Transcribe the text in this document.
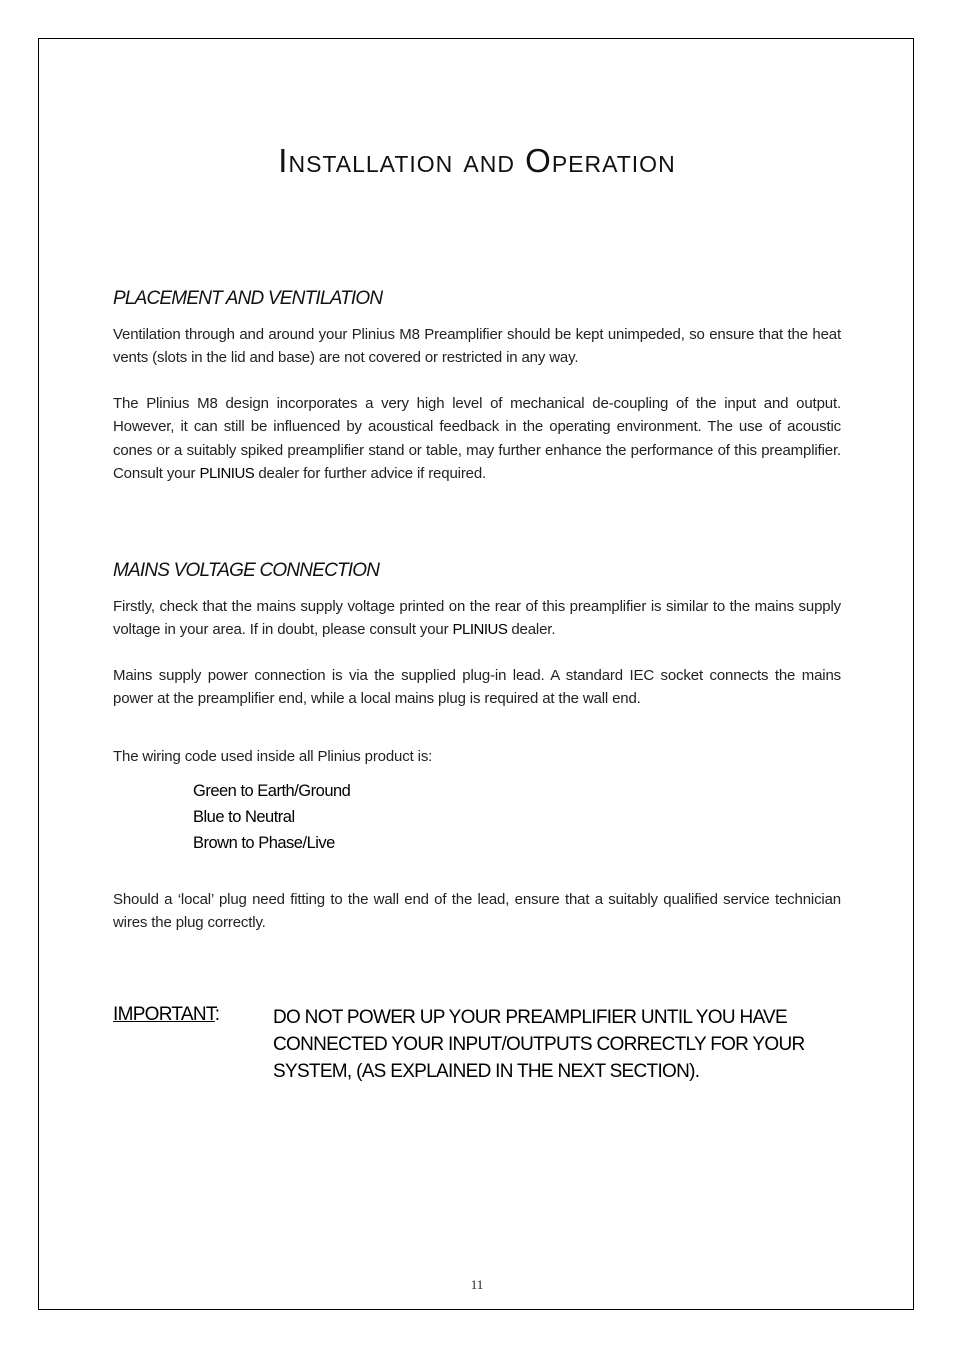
Installation and Operation
PLACEMENT AND VENTILATION

Ventilation through and around your Plinius M8 Preamplifier should be kept unimpeded, so ensure that the heat vents (slots in the lid and base) are not covered or restricted in any way.

The Plinius M8 design incorporates a very high level of mechanical de-coupling of the input and output. However, it can still be influenced by acoustical feedback in the operating environment. The use of acoustic cones or a suitably spiked preamplifier stand or table, may further enhance the performance of this preamplifier. Consult your PLINIUS dealer for further advice if required.

MAINS VOLTAGE CONNECTION

Firstly, check that the mains supply voltage printed on the rear of this preamplifier is similar to the mains supply voltage in your area. If in doubt, please consult your PLINIUS dealer.

Mains supply power connection is via the supplied plug-in lead. A standard IEC socket connects the mains power at the preamplifier end, while a local mains plug is required at the wall end.

The wiring code used inside all Plinius product is:

Green to Earth/Ground
Blue to Neutral
Brown to Phase/Live

Should a ‘local’ plug need fitting to the wall end of the lead, ensure that a suitably qualified service technician wires the plug correctly.

IMPORTANT:	DO NOT POWER UP YOUR PREAMPLIFIER UNTIL YOU HAVE
CONNECTED YOUR INPUT/OUTPUTS CORRECTLY FOR YOUR
SYSTEM, (AS EXPLAINED IN THE NEXT SECTION).
11
